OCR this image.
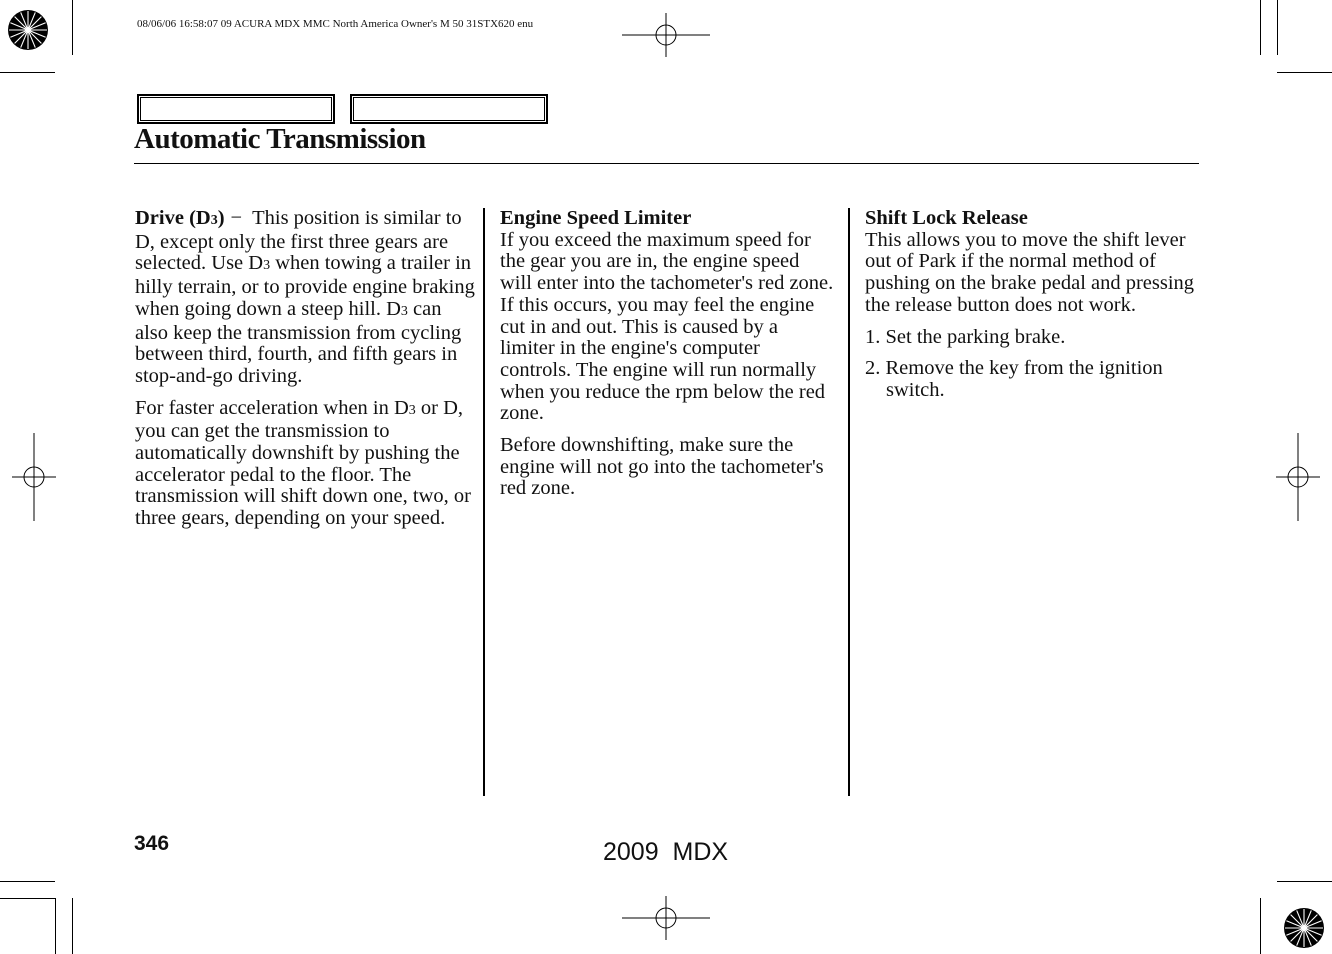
08/06/06 16:58:07 09 ACURA MDX MMC North America Owner's M 50 31STX620 enu
Automatic Transmission

Drive (D3) − This position is similar to D, except only the first three gears are selected. Use D3 when towing a trailer in hilly terrain, or to provide engine braking when going down a steep hill. D3 can also keep the transmission from cycling between third, fourth, and fifth gears in stop-and-go driving.

For faster acceleration when in D3 or D, you can get the transmission to automatically downshift by pushing the accelerator pedal to the floor. The transmission will shift down one, two, or three gears, depending on your speed.

Engine Speed Limiter
If you exceed the maximum speed for the gear you are in, the engine speed will enter into the tachometer's red zone. If this occurs, you may feel the engine cut in and out. This is caused by a limiter in the engine's computer controls. The engine will run normally when you reduce the rpm below the red zone.

Before downshifting, make sure the engine will not go into the tachometer's red zone.

Shift Lock Release
This allows you to move the shift lever out of Park if the normal method of pushing on the brake pedal and pressing the release button does not work.

1. Set the parking brake.

2. Remove the key from the ignition switch.

346	2009  MDX
